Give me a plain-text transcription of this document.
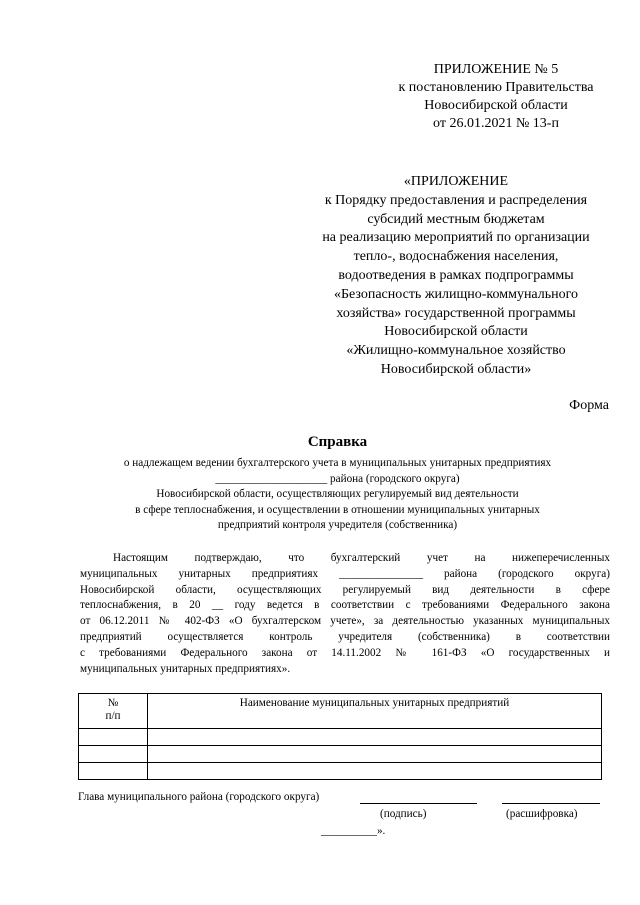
ПРИЛОЖЕНИЕ № 5
к постановлению Правительства
Новосибирской области
от 26.01.2021 № 13-п
«ПРИЛОЖЕНИЕ
к Порядку предоставления и распределения
субсидий местным бюджетам
на реализацию мероприятий по организации
тепло-, водоснабжения населения,
водоотведения в рамках подпрограммы
«Безопасность жилищно-коммунального
хозяйства» государственной программы
Новосибирской области
«Жилищно-коммунальное хозяйство
Новосибирской области»
Форма
Справка
о надлежащем ведении бухгалтерского учета в муниципальных унитарных предприятиях
____________________ района (городского округа)
Новосибирской области, осуществляющих регулируемый вид деятельности
в сфере теплоснабжения, и осуществлении в отношении муниципальных унитарных
предприятий контроля учредителя (собственника)
Настоящим подтверждаю, что бухгалтерский учет на нижеперечисленных
муниципальных унитарных предприятиях _______________ района (городского округа)
Новосибирской области, осуществляющих регулируемый вид деятельности в сфере
теплоснабжения, в 20 __ году ведется в соответствии с требованиями Федерального закона
от 06.12.2011 № 402-ФЗ «О бухгалтерском учете», за деятельностью указанных муниципальных
предприятий осуществляется контроль учредителя (собственника) в соответствии
с требованиями Федерального закона от 14.11.2002 № 161-ФЗ «О государственных и
муниципальных унитарных предприятиях».
№
п/п	Наименование муниципальных унитарных предприятий

Глава муниципального района (городского округа)
(подпись)	(расшифровка)
__________».
